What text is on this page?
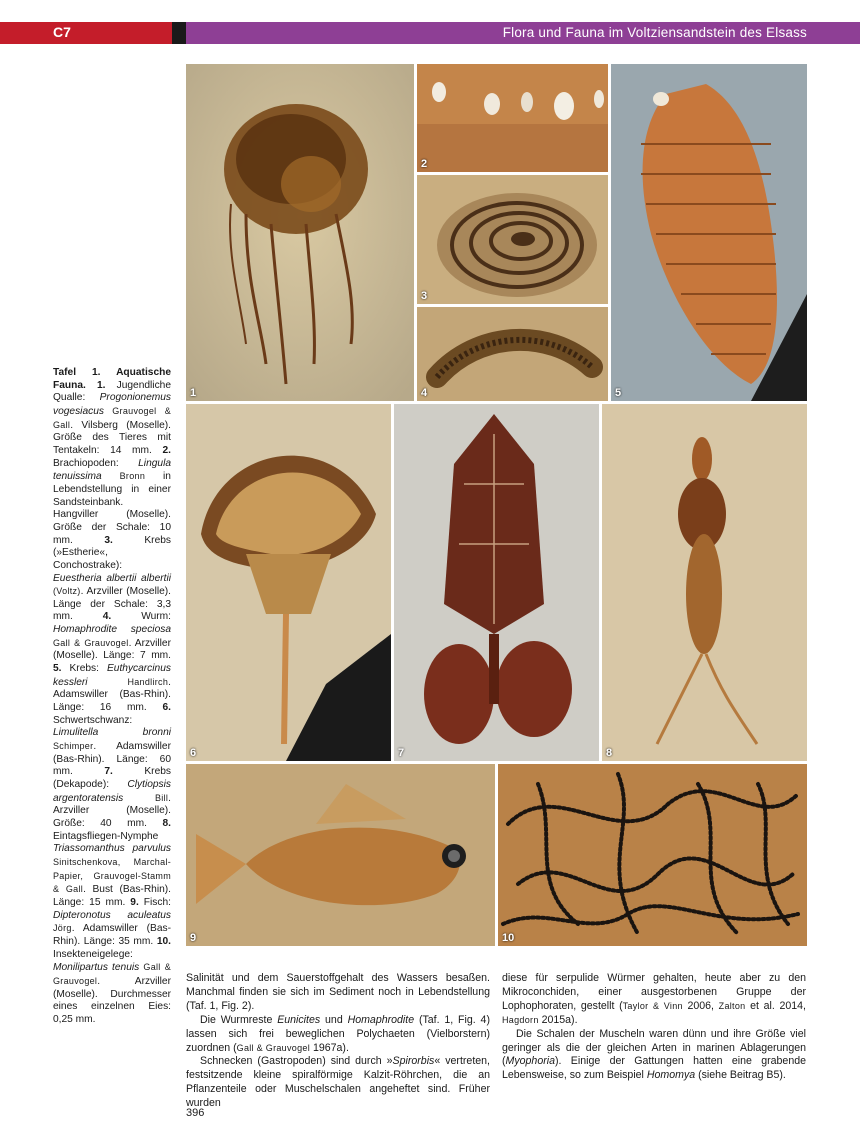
C7	Flora und Fauna im Voltziensandstein des Elsass
1
2
3
4	5
6	7	8
9	10
Tafel 1. Aquatische Fauna. 1. Jugendliche Qualle: Progonionemus vogesiacus Grauvogel & Gall. Vilsberg (Moselle). Größe des Tieres mit Tentakeln: 14 mm. 2. Brachiopoden: Lingula tenuissima Bronn in Lebendstellung in einer Sandsteinbank. Hangviller (Moselle). Größe der Schale: 10 mm.	3.	Krebs (»Estherie«, Conchostrake): Euestheria albertii albertii (Voltz). Arzviller (Moselle). Länge der Schale: 3,3 mm.	4.	Wurm: Homaphrodite speciosa Gall & Grauvogel. Arzviller (Moselle). Länge: 7 mm. 5. Krebs: Euthycarcinus kessleri	Handlirch. Adamswiller (Bas-Rhin). Länge: 16 mm. 6. Schwertschwanz: Limulitella bronni Schimper. Adamswiller (Bas-Rhin). Länge: 60 mm.	7.	Krebs (Dekapode): Clytiopsis argentoratensis	Bill. Arzviller (Moselle). Größe: 40 mm. 8. Eintagsfliegen-Nymphe Triassomanthus parvulus Sinitschenkova, Marchal-Papier, Grauvogel-Stamm & Gall. Bust (Bas-Rhin). Länge: 15 mm. 9. Fisch: Dipteronotus aculeatus Jörg. Adamswiller (Bas-Rhin). Länge: 35 mm. 10. Insekteneigelege: Monilipartus tenuis Gall & Grauvogel. Arzviller (Moselle). Durchmesser eines einzelnen Eies: 0,25 mm.

Salinität und dem Sauerstoffgehalt des Wassers besaßen. Manchmal finden sie sich im Sediment noch in Lebendstellung (Taf. 1, Fig. 2).

Die Wurmreste Eunicites und Homaphrodite (Taf. 1, Fig. 4) lassen sich frei beweglichen Polychaeten (Vielborstern) zuordnen (Gall & Grauvogel 1967a).

Schnecken (Gastropoden) sind durch »Spirorbis« vertreten, festsitzende kleine spiralförmige Kalzit-Röhrchen, die an Pflanzenteile oder Muschelschalen angeheftet sind. Früher wurden

diese für serpulide Würmer gehalten, heute aber zu den Mikroconchiden, einer ausgestorbenen Gruppe der Lophophoraten, gestellt (Taylor & Vinn 2006, Zalton et al. 2014, Hagdorn 2015a).

Die Schalen der Muscheln waren dünn und ihre Größe viel geringer als die der gleichen Arten in marinen Ablagerungen (Myophoria). Einige der Gattungen hatten eine grabende Lebensweise, so zum Beispiel Homomya (siehe Beitrag B5).

396
